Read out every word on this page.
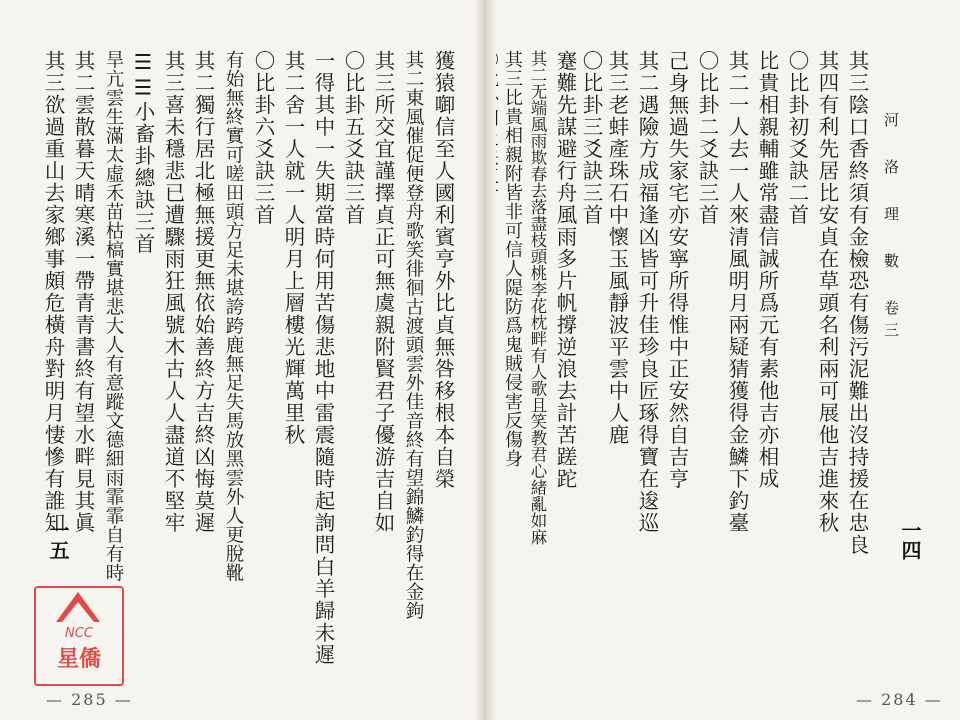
河 洛 理 數 卷三
其三陰口香終須有金檢恐有傷污泥難出沒持援在忠良
其四有利先居比安貞在草頭名利兩可展他吉進來秋
〇比卦初爻訣二首
比貴相親輔雖常盡信誠所爲元有素他吉亦相成
其二一人去一人來清風明月兩疑猜獲得金鱗下釣臺
〇比卦二爻訣三首
己身無過失家宅亦安寧所得惟中正安然自吉亨
其二遇險方成福逢凶皆可升佳珍良匠琢得寶在逡巡
其三老蚌產珠石中懷玉風靜波平雲中人鹿
〇比卦三爻訣三首
蹇難先謀避行舟風雨多片帆撐逆浪去計苦蹉跎
其二无端風雨欺春去落盡枝頭桃李花枕畔有人歌且笑教君心緒亂如麻
其三比貴相親附皆非可信人隄防爲鬼賊侵害反傷身
一四
— 284 —
獲猿啣信至人國利賓亨外比貞無咎移根本自榮
其二東風催促便登舟歌笑徘徊古渡頭雲外佳音終有望錦鱗釣得在金鉤
其三所交宜謹擇貞正可無虞親附賢君子優游吉自如
〇比卦五爻訣三首
一得其中一失期當時何用苦傷悲地中雷震隨時起詢問白羊歸未遲
其二舍一人就一人明月上層樓光輝萬里秋
〇比卦六爻訣三首
有始無終實可嗟田頭方足未堪誇跨鹿無足失馬放黑雲外人更脫靴
其二獨行居北極無援更無依始善終方吉終凶悔莫遲
其三喜未穩悲已遭驟雨狂風號木古人人盡道不堅牢
☰☰小畜卦總訣三首
旱亢雲生滿太虛禾苗枯槁實堪悲大人有意蹤文德細雨霏霏自有時
其二雲散暮天晴寒溪一帶青青書終有望水畔見其眞
其三欲過重山去家鄉事頗危橫舟對明月悽慘有誰知
一五
— 285 —
NCC
星僑
